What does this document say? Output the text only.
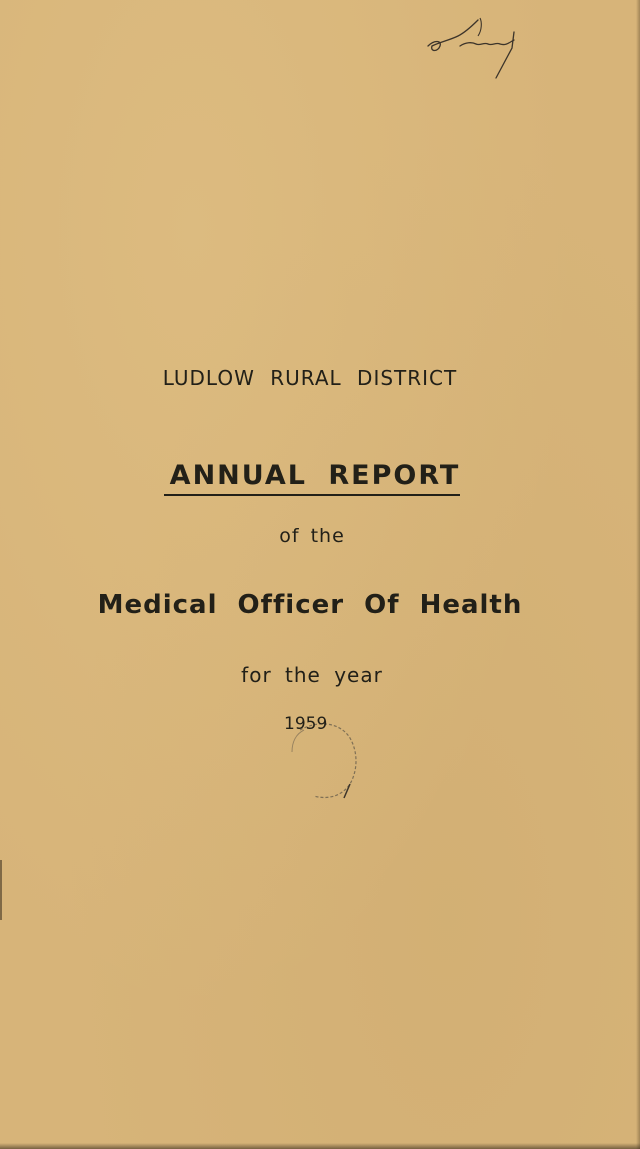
LUDLOW RURAL DISTRICT
ANNUAL REPORT
of the
Medical Officer Of Health
for the year
1959
